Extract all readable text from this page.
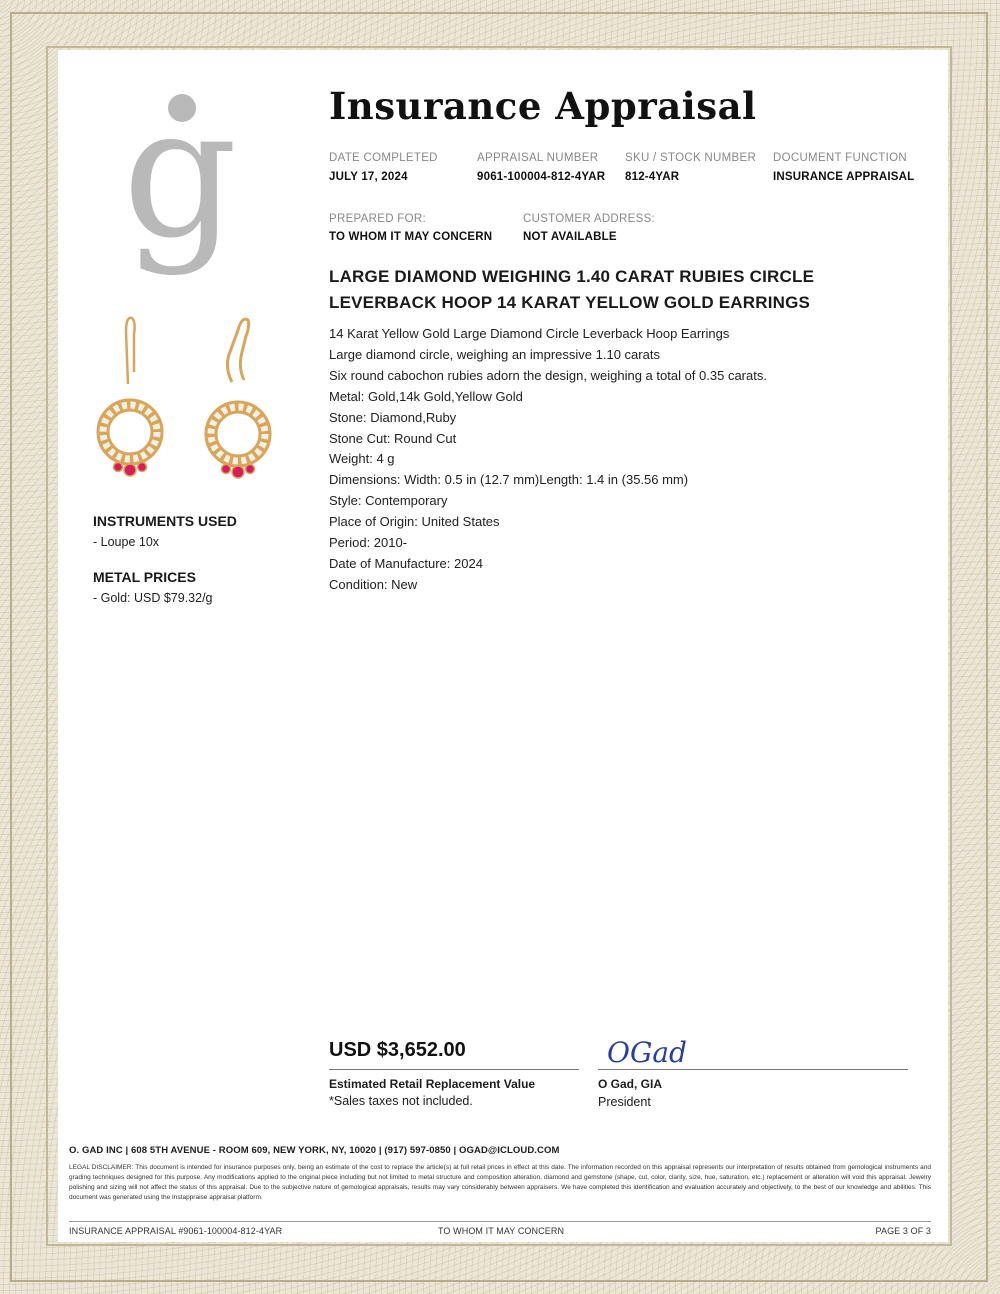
g Insurance Appraisal
DATE COMPLETED
JULY 17, 2024
APPRAISAL NUMBER
9061-100004-812-4YAR
SKU / STOCK NUMBER
812-4YAR
DOCUMENT FUNCTION
INSURANCE APPRAISAL
PREPARED FOR:
TO WHOM IT MAY CONCERN
CUSTOMER ADDRESS:
NOT AVAILABLE
LARGE DIAMOND WEIGHING 1.40 CARAT RUBIES CIRCLE LEVERBACK HOOP 14 KARAT YELLOW GOLD EARRINGS
14 Karat Yellow Gold Large Diamond Circle Leverback Hoop Earrings
Large diamond circle, weighing an impressive 1.10 carats
Six round cabochon rubies adorn the design, weighing a total of 0.35 carats.
Metal: Gold,14k Gold,Yellow Gold
Stone: Diamond,Ruby
Stone Cut: Round Cut
Weight: 4 g
Dimensions: Width: 0.5 in (12.7 mm)Length: 1.4 in (35.56 mm)
Style: Contemporary
Place of Origin: United States
Period: 2010-
Date of Manufacture: 2024
Condition: New
INSTRUMENTS USED
- Loupe 10x
METAL PRICES
- Gold: USD $79.32/g
USD $3,652.00
Estimated Retail Replacement Value
*Sales taxes not included.
OGad
O Gad, GIA
President
O. GAD INC | 608 5TH AVENUE - ROOM 609, NEW YORK, NY, 10020 | (917) 597-0850 | OGAD@ICLOUD.COM
LEGAL DISCLAIMER: This document is intended for insurance purposes only, being an estimate of the cost to replace the article(s) at full retail prices in effect at this date. The information recorded on this appraisal represents our interpretation of results obtained from gemological instruments and grading techniques designed for this purpose. Any modifications applied to the original piece including but not limited to metal structure and composition alteration, diamond and gemstone (shape, cut, color, clarity, size, hue, saturation, etc.) replacement or alteration will void this appraisal. Jewelry polishing and sizing will not affect the status of this appraisal. Due to the subjective nature of gemological appraisals, results may vary considerably between appraisers. We have completed this identification and evaluation accurately and objectively, to the best of our knowledge and abilities. This document was generated using the Instappraise appraisal platform.
INSURANCE APPRAISAL #9061-100004-812-4YAR	TO WHOM IT MAY CONCERN	PAGE 3 OF 3
